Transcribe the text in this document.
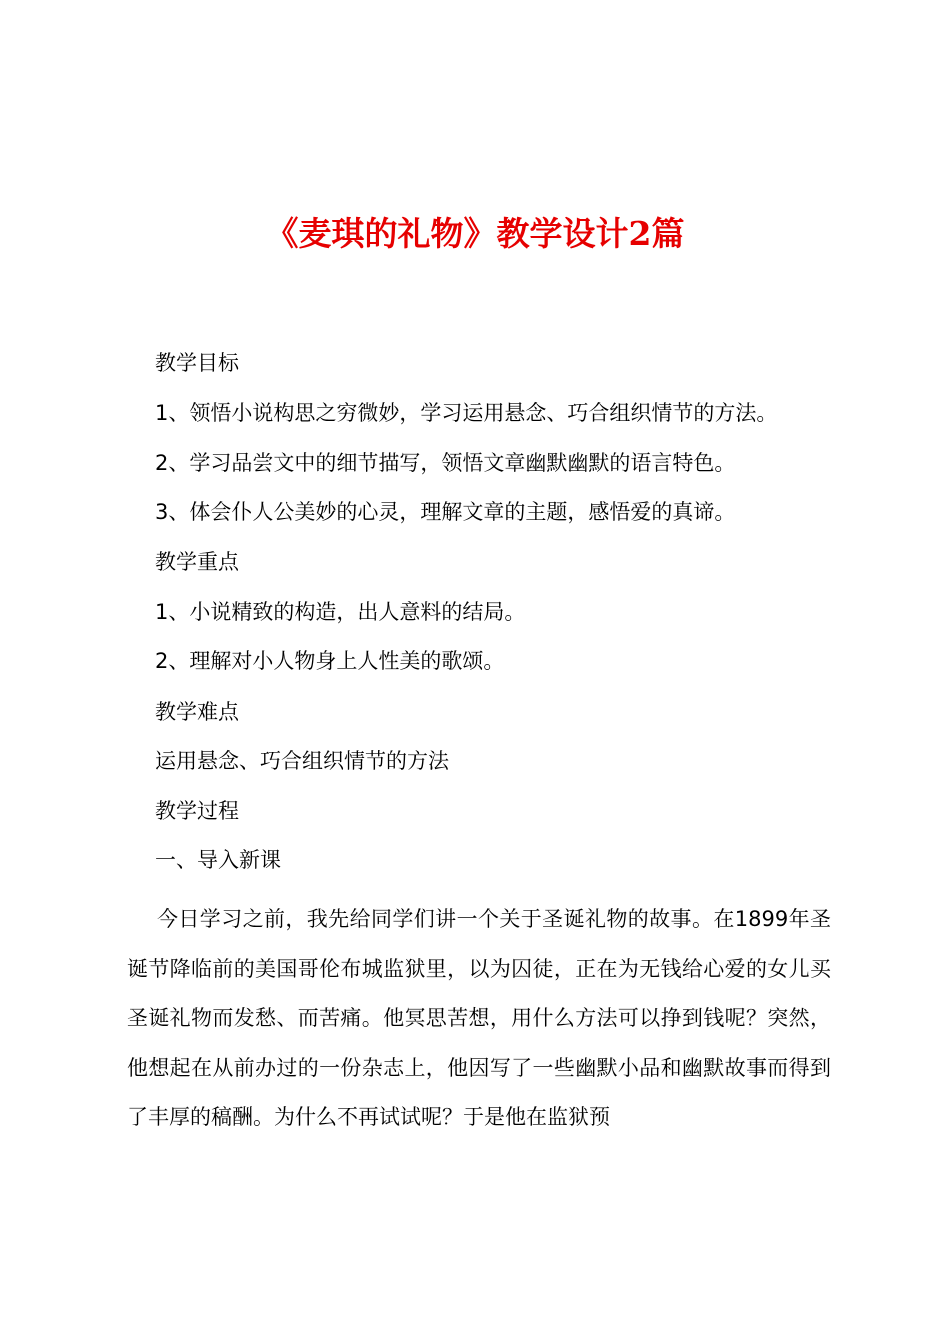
《麦琪的礼物》教学设计2篇

教学目标

1、领悟小说构思之穷微妙，学习运用悬念、巧合组织情节的方法。

2、学习品尝文中的细节描写，领悟文章幽默幽默的语言特色。

3、体会仆人公美妙的心灵，理解文章的主题，感悟爱的真谛。

教学重点

1、小说精致的构造，出人意料的结局。

2、理解对小人物身上人性美的歌颂。

教学难点

运用悬念、巧合组织情节的方法

教学过程

一、导入新课

今日学习之前，我先给同学们讲一个关于圣诞礼物的故事。在1899年圣诞节降临前的美国哥伦布城监狱里，以为囚徒，正在为无钱给心爱的女儿买圣诞礼物而发愁、而苦痛。他冥思苦想，用什么方法可以挣到钱呢？突然，他想起在从前办过的一份杂志上，他因写了一些幽默小品和幽默故事而得到了丰厚的稿酬。为什么不再试试呢？于是他在监狱预
